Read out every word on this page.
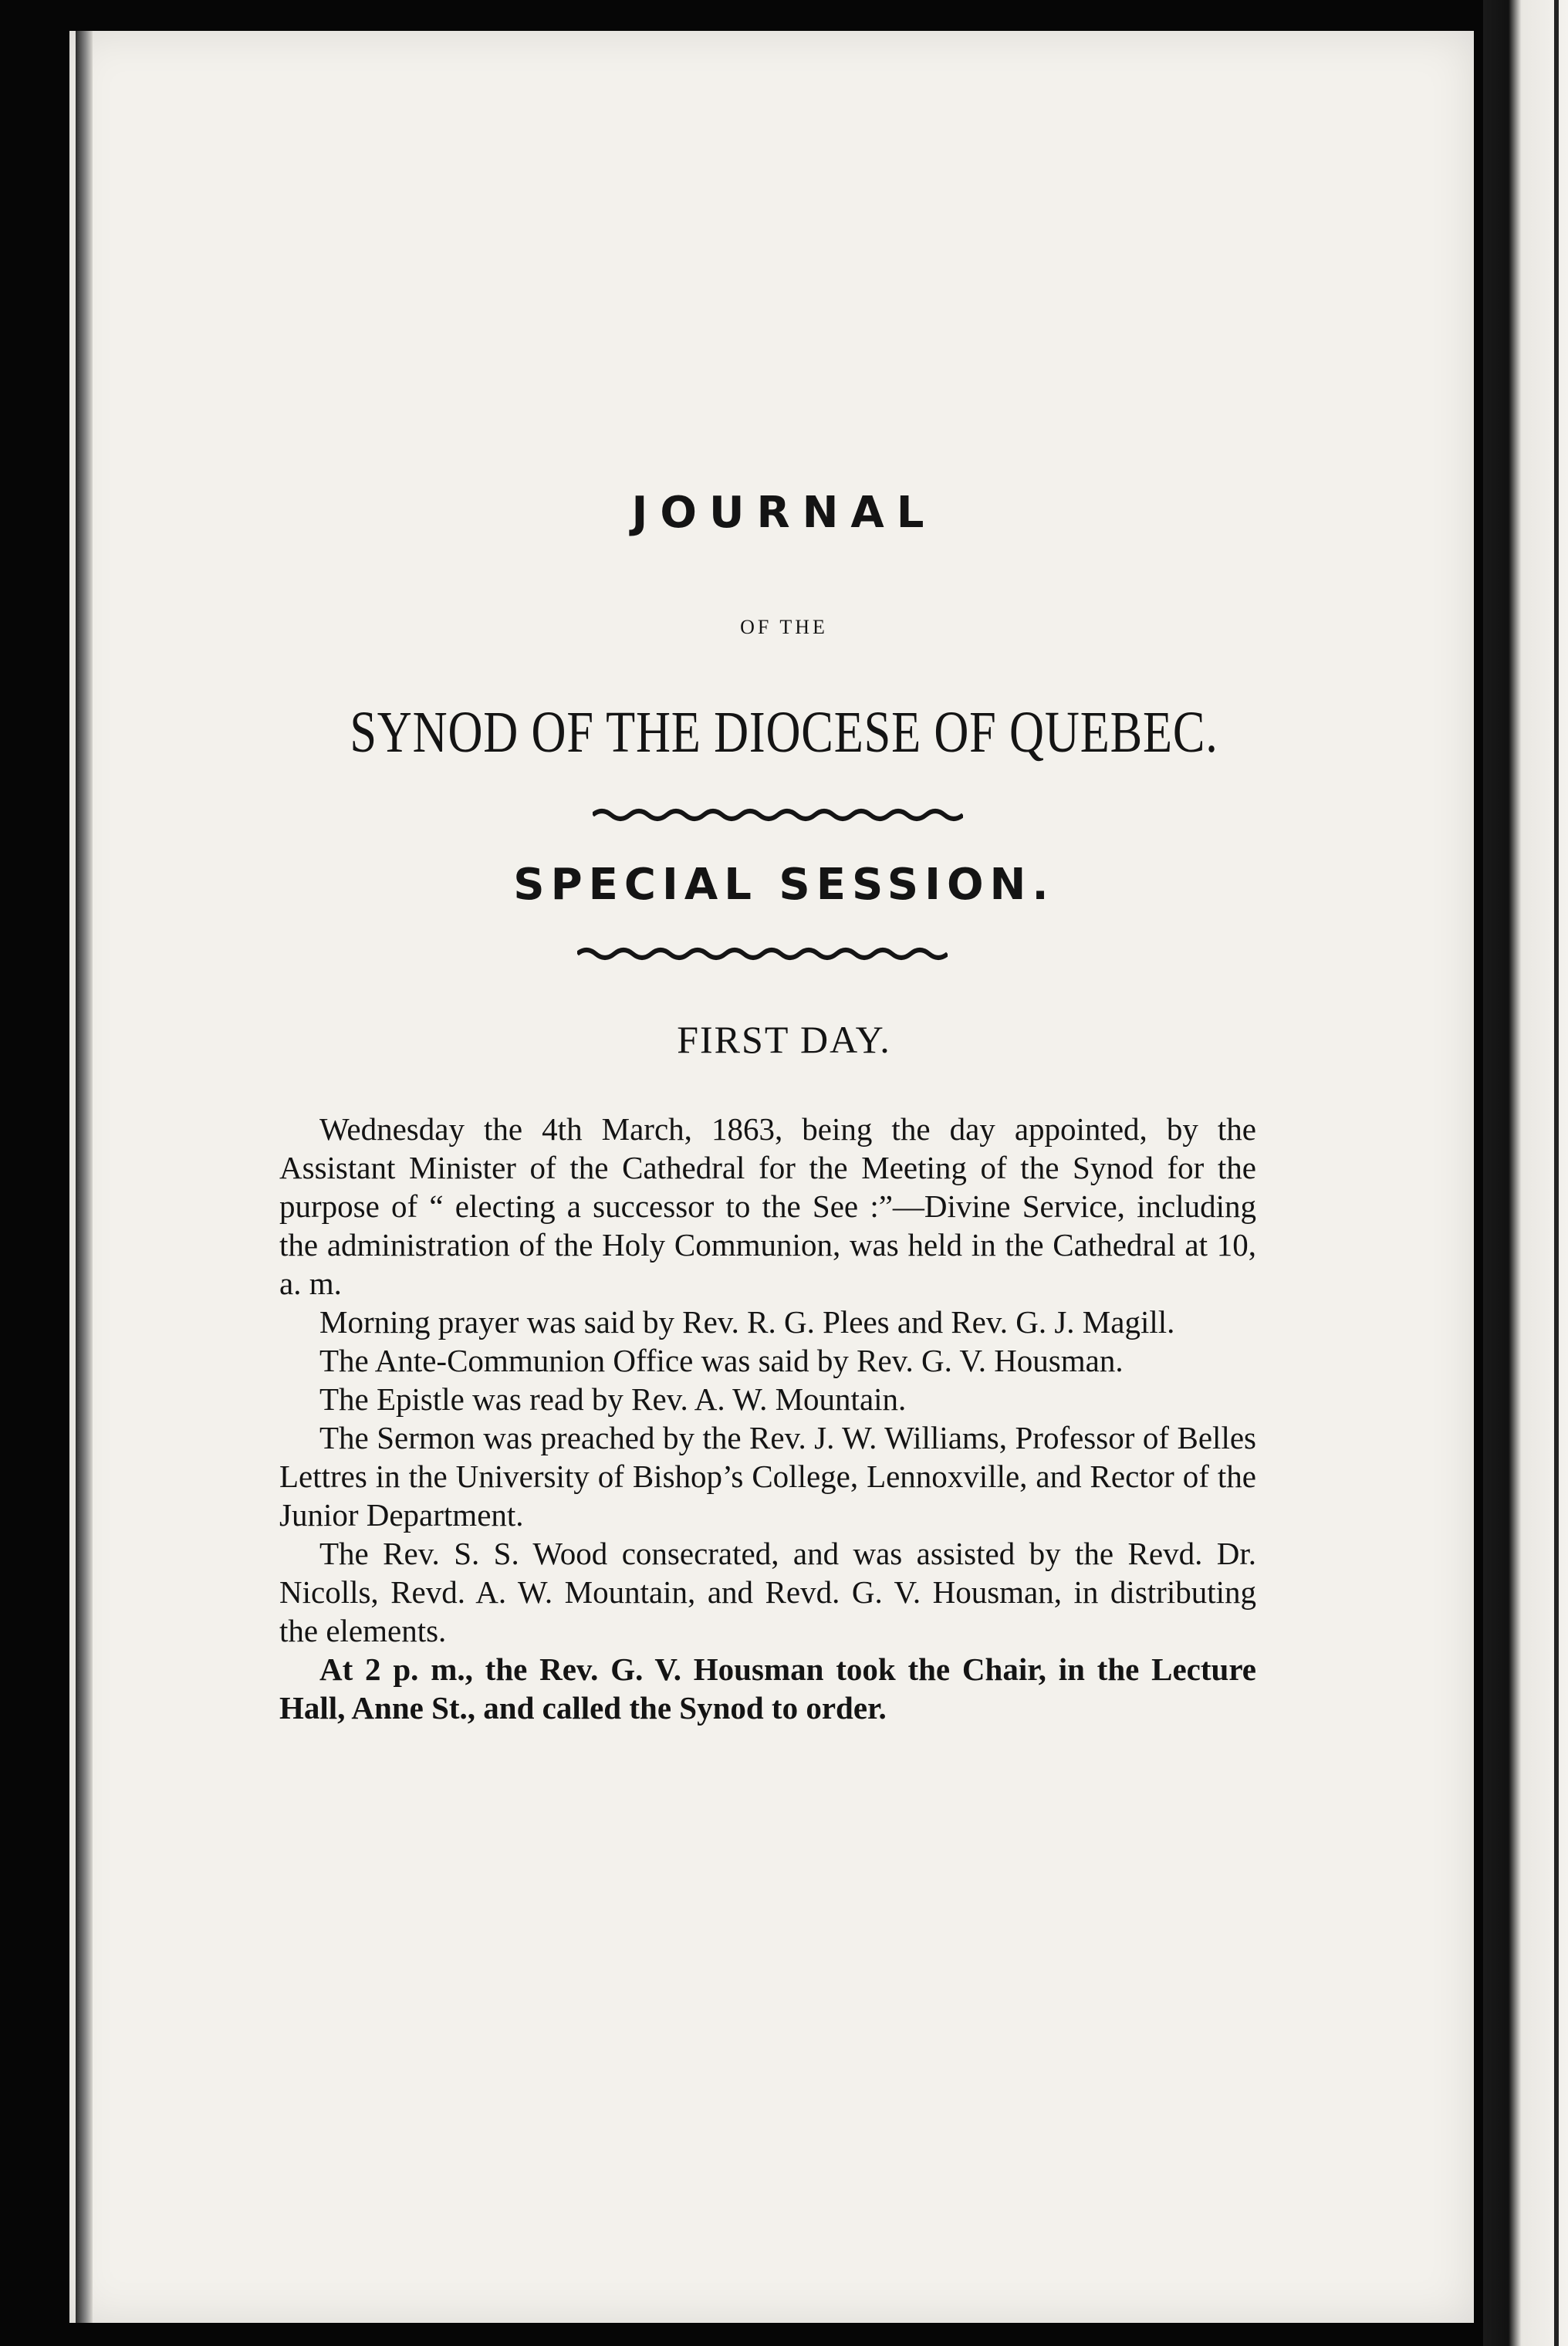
JOURNAL
OF THE
SYNOD OF THE DIOCESE OF QUEBEC.
SPECIAL SESSION.
FIRST DAY.

Wednesday the 4th March, 1863, being the day appointed, by the Assistant Minister of the Cathedral for the Meeting of the Synod for the purpose of “ electing a successor to the See :”—Divine Service, including the administration of the Holy Communion, was held in the Cathedral at 10, a. m.

Morning prayer was said by Rev. R. G. Plees and Rev. G. J. Magill.

The Ante-Communion Office was said by Rev. G. V. Housman.

The Epistle was read by Rev. A. W. Mountain.

The Sermon was preached by the Rev. J. W. Williams, Professor of Belles Lettres in the University of Bishop’s College, Lennoxville, and Rector of the Junior Department.

The Rev. S. S. Wood consecrated, and was assisted by the Revd. Dr. Nicolls, Revd. A. W. Mountain, and Revd. G. V. Housman, in distributing the elements.

At 2 p. m., the Rev. G. V. Housman took the Chair, in the Lecture Hall, Anne St., and called the Synod to order.
